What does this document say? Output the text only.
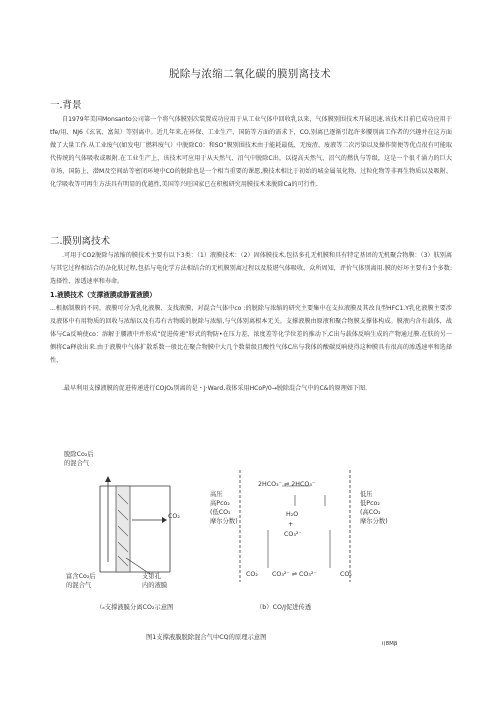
脱除与浓缩二氧化碳的膜别离技术
一.背景
自1979年美国Monsanto公司第一个将气体膜别次装置成功应用于从工业气体中回收乳以来，气体膜别围技术开展迅速,该技术目前已成功应用于tfe/用、NJ6《玄氧、富氮）等别离中。近几年来,在环保、工业生产、国防等方面的需求下，CO,别离已逐渐引起许多腰别离工作者的兴趣并在这方面做了大量工作.从工业废气(如发电厂燃料废气）中脱除C0：和SO”膜别围技术由于能耗最低、无废渣、废液等二次污染以及操作简便等优点很有可能取代传统的气体吸收或吸附.在工业生产上，该技术可应用于从天然气、沼气中脱除C出，以提高天然气、沼气的燃仇与等级，这是一个很彳涌力的巨大市场，国防上，潜M及空间站等密闭环境中CO的脱除也是一个相当重要的课愿,膜技术相比于初始的城金属氧化物、过粒化物等非再生物质以及吸附、化学吸收等可再生方法具有明显的优越性,美国等兴旺国家已在积极研究用膜技术来脱除Ca的可行性.
二.膜别离技术
.可用于CO2脱除与浓缩的膜技术主要有以下3类：（1）液膜技术：（2）固体膜技术,包括多孔无机膜和具有特定基团的无机聚合物膜：（3）肤别离与其它过程相结合的杂化肤过程,包括与电化学方法相结合的无机膜别离过程以及肢堪气体吸收，众所周知，评价气体别离用.膜的好坏主要有3个多数:选择性、渗透速率和寿命。
1.液膜技术（支撑液膜或静置液膜）
...根据制膜的不同，液膜可分为乳化液膜、支找液膜，对混合气体中co :的脱除与浓缩的研究主要集中在支拉液膜及其改良型HFC1.Y乳化液膜主要涉及液体中有用物质的回收与浓缩以及有毒有古物暖的脱除与浓缩,与气体别离根本无关。支撑液膜由原液和聚合物膜支撑体构成。膜液内含有载体，战体与Ca反响使co：溶解于腰液中并形成“促进传递”形式的物防•在压力差、浓度差等化学位差的推动下,C出与载体反响生成的产物通过膜.在肤的另一侧将Ca释放出来.由于液膜中气体扩散系数一般比在聚合物膜中大几个数量级且酸性气体C出与我体的酸碳反响使得这种膜具有很高的渗透速率和选择性，
.最早利用支撑液膜的促进传递进行COJO₂别离的是・J·Ward,栽体采用HCoP/0→脱除混合气中的C&的原理如下图.
脱除Co₂后
的混合气
CO₂
富含Co₂后
的混合气
支第孔
内的液膜
高压
高Pco₂
(低CO₂
摩尔分数)
低压
低Pco₂
(高CO₂
摩尔分数)
2HCO₃⁻ ⇌ 2HCO₃⁻
H₂O
+
CO₃²⁻
CO₂ CO₃²⁻ ⇌ CO₃²⁻	CO₂
（ₐ支撑液膜分离CO₂示意图	（b）CO/J促进传透
图1支撑液膜脱除混合气中CQ的原理示意图
i(8Mβ
